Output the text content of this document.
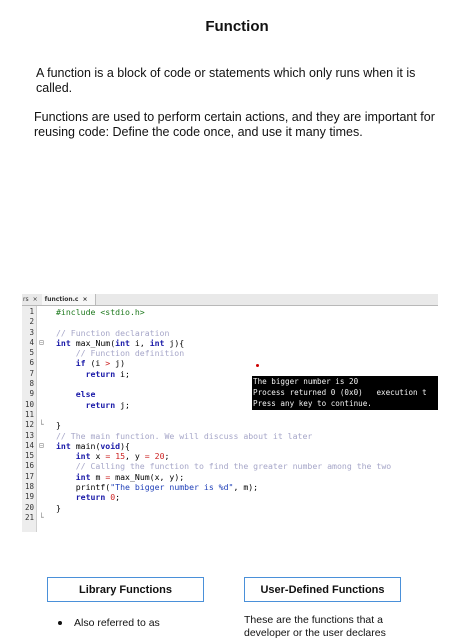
Function
A function is a block of code or statements which only runs when it is called.
Functions are used to perform certain actions, and they are important for reusing code: Define the code once, and use it many times.
rs × function.c ×
1	#include <stdio.h>
2
3	// Function declaration
4 ⊟ int max_Num(int i, int j){
5	// Function definition
6	if (i > j)
7	return i;
8
9	else
10	return j;
11
12 └ }
13	// The main function. We will discuss about it later
14 ⊟ int main(void){
15	int x = 15, y = 20;
16	// Calling the function to find the greater number among the two
17	int m = max_Num(x, y);
18	printf("The bigger number is %d", m);
19	return 0;
20	}
21 └
The bigger number is 20
Process returned 0 (0x0)   execution t
Press any key to continue.
Library Functions	User-Defined Functions
Also referred to as	These are the functions that a developer or the user declares
